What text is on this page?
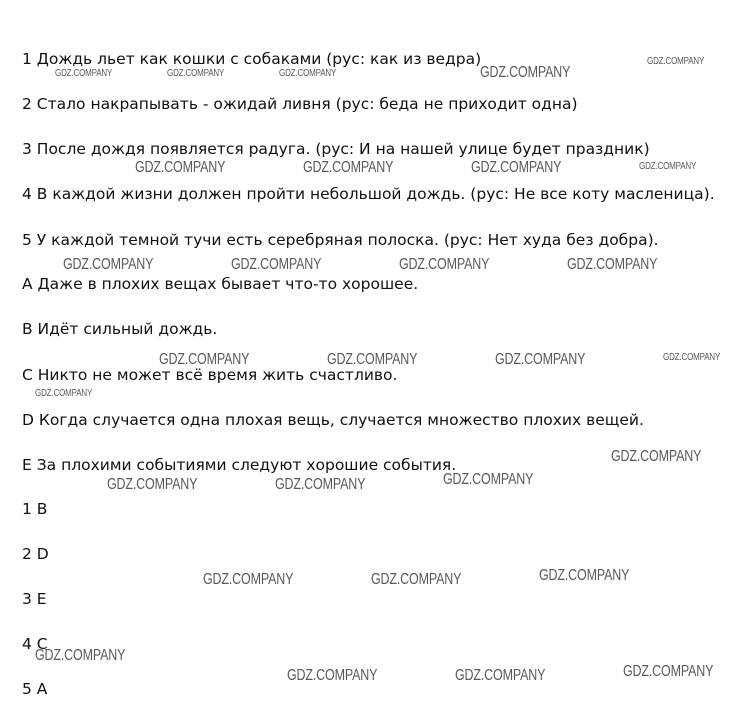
1 Дождь льет как кошки с собаками (рус: как из ведра)
2 Стало накрапывать - ожидай ливня (рус: беда не приходит одна)
3 После дождя появляется радуга. (рус: И на нашей улице будет праздник)
4 В каждой жизни должен пройти небольшой дождь. (рус: Не все коту масленица).
5 У каждой темной тучи есть серебряная полоска. (рус: Нет худа без добра).
A Даже в плохих вещах бывает что-то хорошее.
B Идёт сильный дождь.
C Никто не может всё время жить счастливо.
D Когда случается одна плохая вещь, случается множество плохих вещей.
E За плохими событиями следуют хорошие события.
1 B
2 D
3 E
4 C
5 A
GDZ.COMPANY
GDZ.COMPANY	GDZ.COMPANY	GDZ.COMPANY
GDZ.COMPANY
GDZ.COMPANY	GDZ.COMPANY	GDZ.COMPANY	GDZ.COMPANY
GDZ.COMPANY	GDZ.COMPANY	GDZ.COMPANY	GDZ.COMPANY
GDZ.COMPANY	GDZ.COMPANY	GDZ.COMPANY	GDZ.COMPANY
GDZ.COMPANY
GDZ.COMPANY
GDZ.COMPANY	GDZ.COMPANY	GDZ.COMPANY
GDZ.COMPANY	GDZ.COMPANY	GDZ.COMPANY
GDZ.COMPANY
GDZ.COMPANY	GDZ.COMPANY	GDZ.COMPANY
